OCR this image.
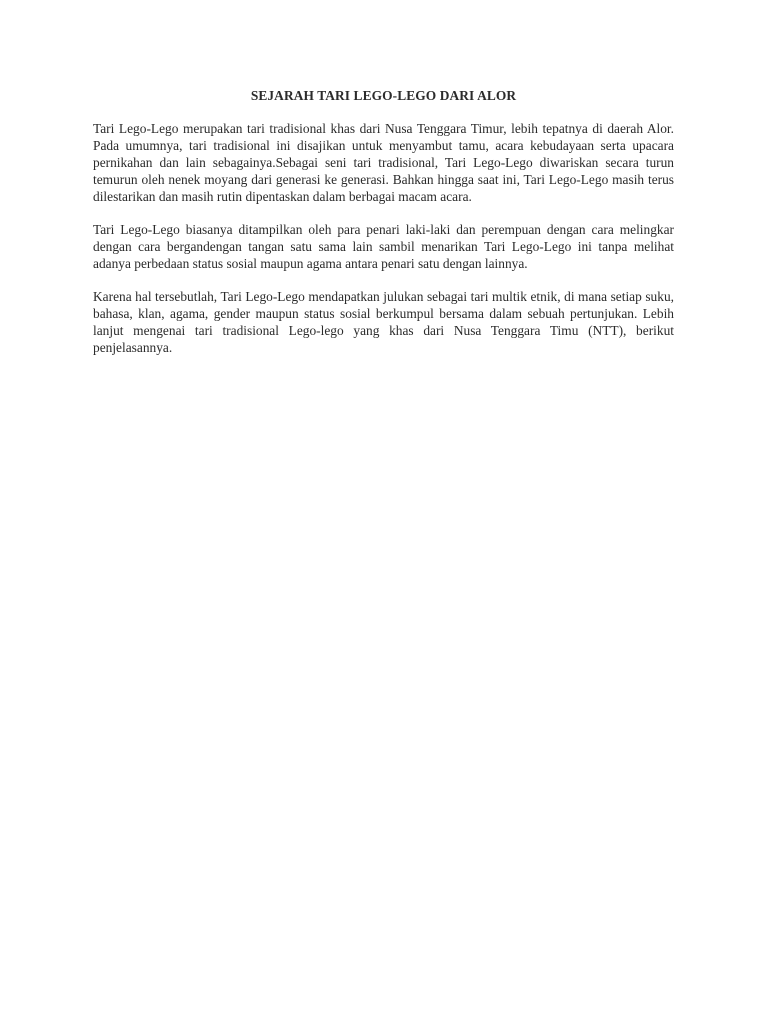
SEJARAH TARI LEGO-LEGO DARI ALOR

Tari Lego-Lego merupakan tari tradisional khas dari Nusa Tenggara Timur, lebih tepatnya di daerah Alor. Pada umumnya, tari tradisional ini disajikan untuk menyambut tamu, acara kebudayaan serta upacara pernikahan dan lain sebagainya.Sebagai seni tari tradisional, Tari Lego-Lego diwariskan secara turun temurun oleh nenek moyang dari generasi ke generasi. Bahkan hingga saat ini, Tari Lego-Lego masih terus dilestarikan dan masih rutin dipentaskan dalam berbagai macam acara.

Tari Lego-Lego biasanya ditampilkan oleh para penari laki-laki dan perempuan dengan cara melingkar dengan cara bergandengan tangan satu sama lain sambil menarikan Tari Lego-Lego ini tanpa melihat adanya perbedaan status sosial maupun agama antara penari satu dengan lainnya.

Karena hal tersebutlah, Tari Lego-Lego mendapatkan julukan sebagai tari multik etnik, di mana setiap suku, bahasa, klan, agama, gender maupun status sosial berkumpul bersama dalam sebuah pertunjukan. Lebih lanjut mengenai tari tradisional Lego-lego yang khas dari Nusa Tenggara Timu (NTT), berikut penjelasannya.
